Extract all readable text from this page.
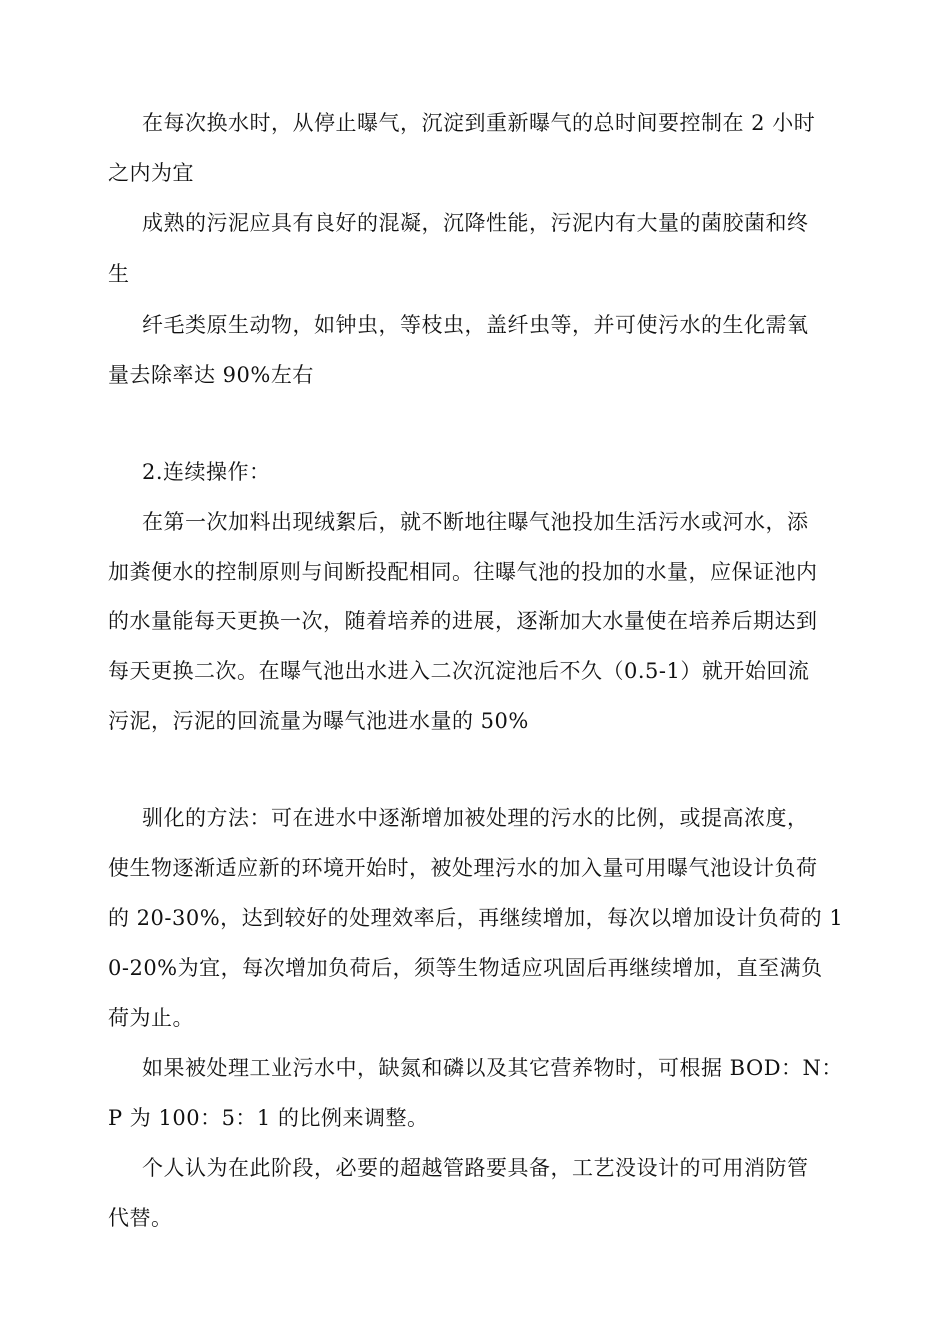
在每次换水时，从停止曝气，沉淀到重新曝气的总时间要控制在 2 小时
之内为宜
成熟的污泥应具有良好的混凝，沉降性能，污泥内有大量的菌胶菌和终
生
纤毛类原生动物，如钟虫，等枝虫，盖纤虫等，并可使污水的生化需氧
量去除率达 90%左右
2.连续操作：
在第一次加料出现绒絮后，就不断地往曝气池投加生活污水或河水，添
加粪便水的控制原则与间断投配相同。往曝气池的投加的水量，应保证池内
的水量能每天更换一次，随着培养的进展，逐渐加大水量使在培养后期达到
每天更换二次。在曝气池出水进入二次沉淀池后不久（0.5-1）就开始回流
污泥，污泥的回流量为曝气池进水量的 50%
驯化的方法：可在进水中逐渐增加被处理的污水的比例，或提高浓度，
使生物逐渐适应新的环境开始时，被处理污水的加入量可用曝气池设计负荷
的 20-30%，达到较好的处理效率后，再继续增加，每次以增加设计负荷的 1
0-20%为宜，每次增加负荷后，须等生物适应巩固后再继续增加，直至满负
荷为止。
如果被处理工业污水中，缺氮和磷以及其它营养物时，可根据 BOD：N：
P 为 100：5：1 的比例来调整。
个人认为在此阶段，必要的超越管路要具备，工艺没设计的可用消防管
代替。
